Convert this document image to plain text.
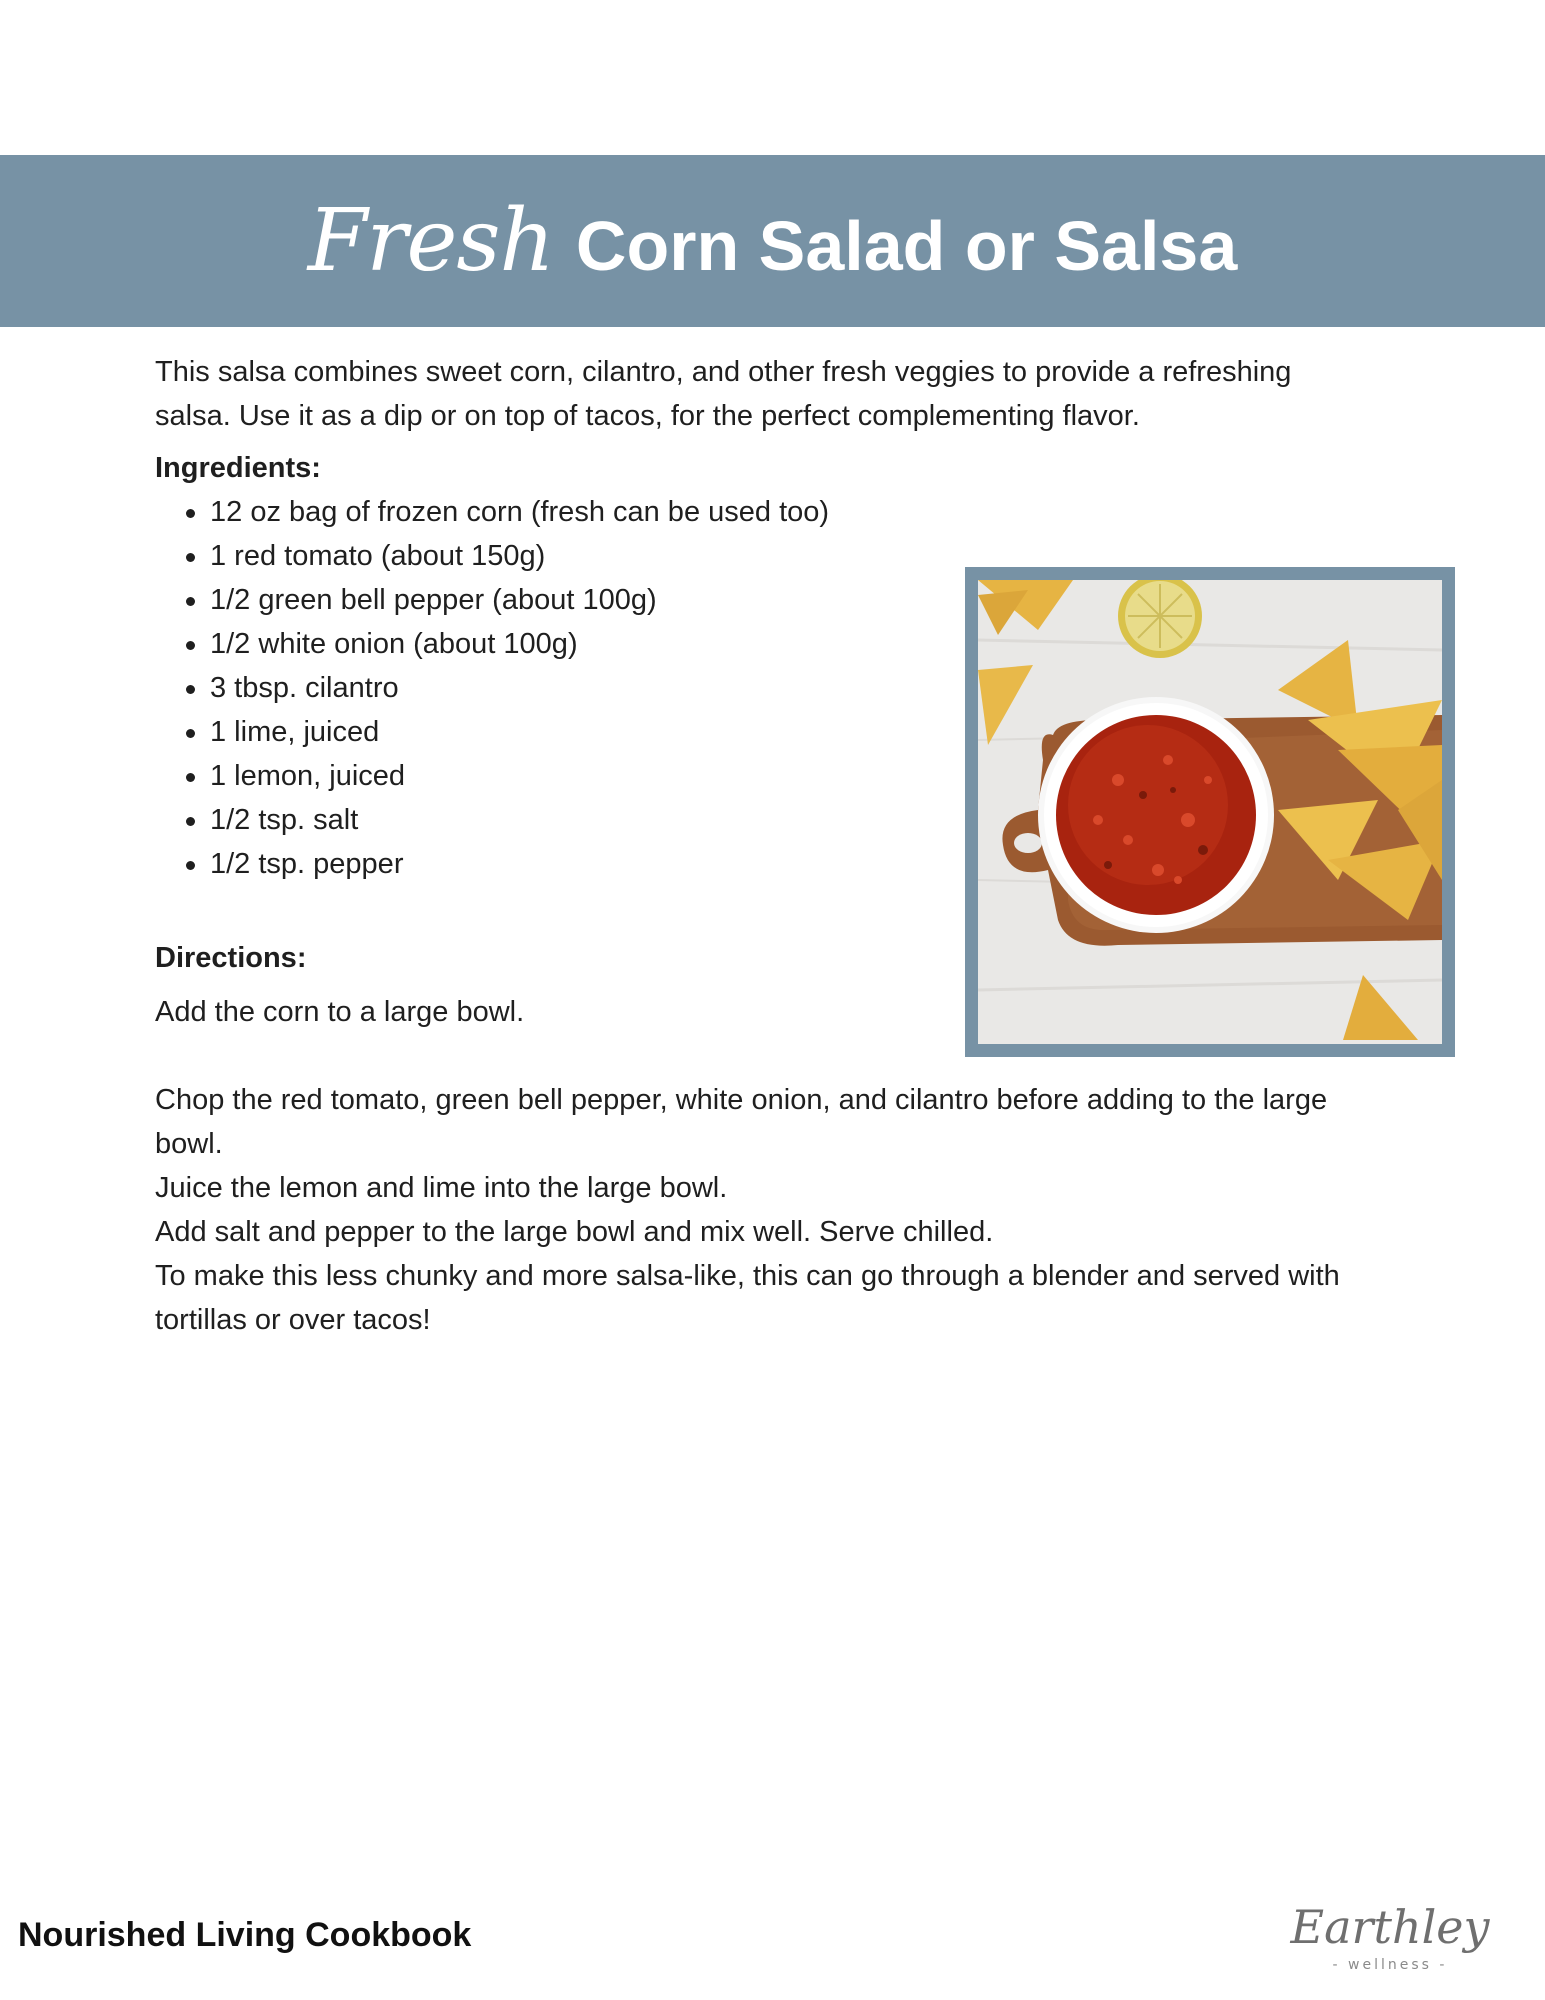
Fresh Corn Salad or Salsa

This salsa combines sweet corn, cilantro, and other fresh veggies to provide a refreshing salsa. Use it as a dip or on top of tacos, for the perfect complementing flavor.

Ingredients:

12 oz bag of frozen corn (fresh can be used too)
1 red tomato (about 150g)
1/2 green bell pepper (about 100g)
1/2 white onion (about 100g)
3 tbsp. cilantro
1 lime, juiced
1 lemon, juiced
1/2 tsp. salt
1/2 tsp. pepper

Directions:

Add the corn to a large bowl.

Chop the red tomato, green bell pepper, white onion, and cilantro before adding to the large bowl.

Juice the lemon and lime into the large bowl.

Add salt and pepper to the large bowl and mix well. Serve chilled.

To make this less chunky and more salsa-like, this can go through a blender and served with tortillas or over tacos!

Nourished Living Cookbook	Earthley
- wellness -
